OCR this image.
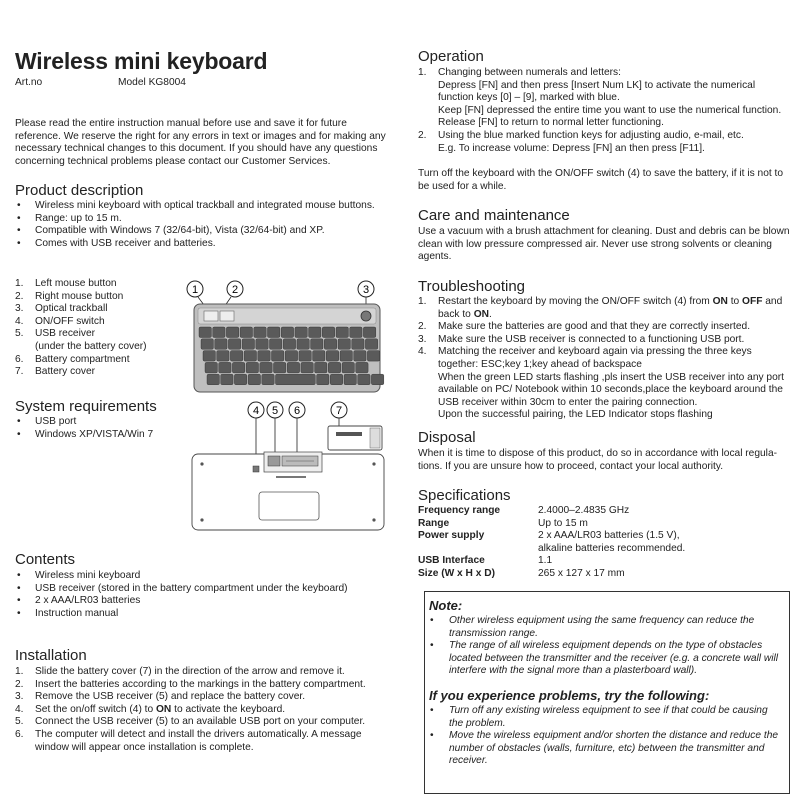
Wireless mini keyboard
Art.no	Model KG8004

Please read the entire instruction manual before use and save it for future reference. We reserve the right for any errors in text or images and for making any necessary technical changes to this document. If you should have any questions concerning technical problems please contact our Customer Services.

Product description
• Wireless mini keyboard with optical trackball and integrated mouse buttons.
• Range: up to 15 m.
• Compatible with Windows 7 (32/64-bit), Vista (32/64-bit) and XP.
• Comes with USB receiver and batteries.
1. Left mouse button
2. Right mouse button
3. Optical trackball
4. ON/OFF switch
5. USB receiver
(under the battery cover)
6. Battery compartment
7. Battery cover
System requirements
• USB port
• Windows XP/VISTA/Win 7
Contents
• Wireless mini keyboard
• USB receiver (stored in the battery compartment under the keyboard)
• 2 x AAA/LR03 batteries
• Instruction manual
Installation
1. Slide the battery cover (7) in the direction of the arrow and remove it.
2. Insert the batteries according to the markings in the battery compartment.
3. Remove the USB receiver (5) and replace the battery cover.
4. Set the on/off switch (4) to ON to activate the keyboard.
5. Connect the USB receiver (5) to an available USB port on your computer.
6. The computer will detect and install the drivers automatically. A message window will appear once installation is complete.
1	2	3
4 5 6	7
Operation
1. Changing between numerals and letters:
Depress [FN] and then press [Insert Num LK] to activate the numerical function keys [0] – [9], marked with blue.
Keep [FN] depressed the entire time you want to use the numerical function.
Release [FN] to return to normal letter functioning.
2. Using the blue marked function keys for adjusting audio, e-mail, etc.
E.g. To increase volume: Depress [FN] an then press [F11].

Turn off the keyboard with the ON/OFF switch (4) to save the battery, if it is not to be used for a while.

Care and maintenance

Use a vacuum with a brush attachment for cleaning. Dust and debris can be blown clean with low pressure compressed air. Never use strong solvents or cleaning agents.

Troubleshooting
1. Restart the keyboard by moving the ON/OFF switch (4) from ON to OFF and back to ON.
2. Make sure the batteries are good and that they are correctly inserted.
3. Make sure the USB receiver is connected to a functioning USB port.
4. Matching the receiver and keyboard again via pressing the three keys together: ESC;key 1;key ahead of backspace
When the green LED starts flashing ,pls insert the USB receiver into any port available on PC/ Notebook within 10 seconds,place the keyboard around the USB receiver within 30cm to enter the pairing connection.
Upon the successful pairing, the LED Indicator stops flashing
Disposal

When it is time to dispose of this product, do so in accordance with local regula-tions. If you are unsure how to proceed, contact your local authority.

Specifications
Frequency range	2.4000–2.4835 GHz
Range	Up to 15 m
Power supply	2 x AAA/LR03 batteries (1.5 V),
alkaline batteries recommended.
USB Interface	1.1
Size (W x H x D)	265 x 127 x 17 mm
Note:
• Other wireless equipment using the same frequency can reduce the transmission range.
• The range of all wireless equipment depends on the type of obstacles located between the transmitter and the receiver (e.g. a concrete wall will interfere with the signal more than a plasterboard wall).
If you experience problems, try the following:
• Turn off any existing wireless equipment to see if that could be causing the problem.
• Move the wireless equipment and/or shorten the distance and reduce the number of obstacles (walls, furniture, etc) between the transmitter and receiver.
